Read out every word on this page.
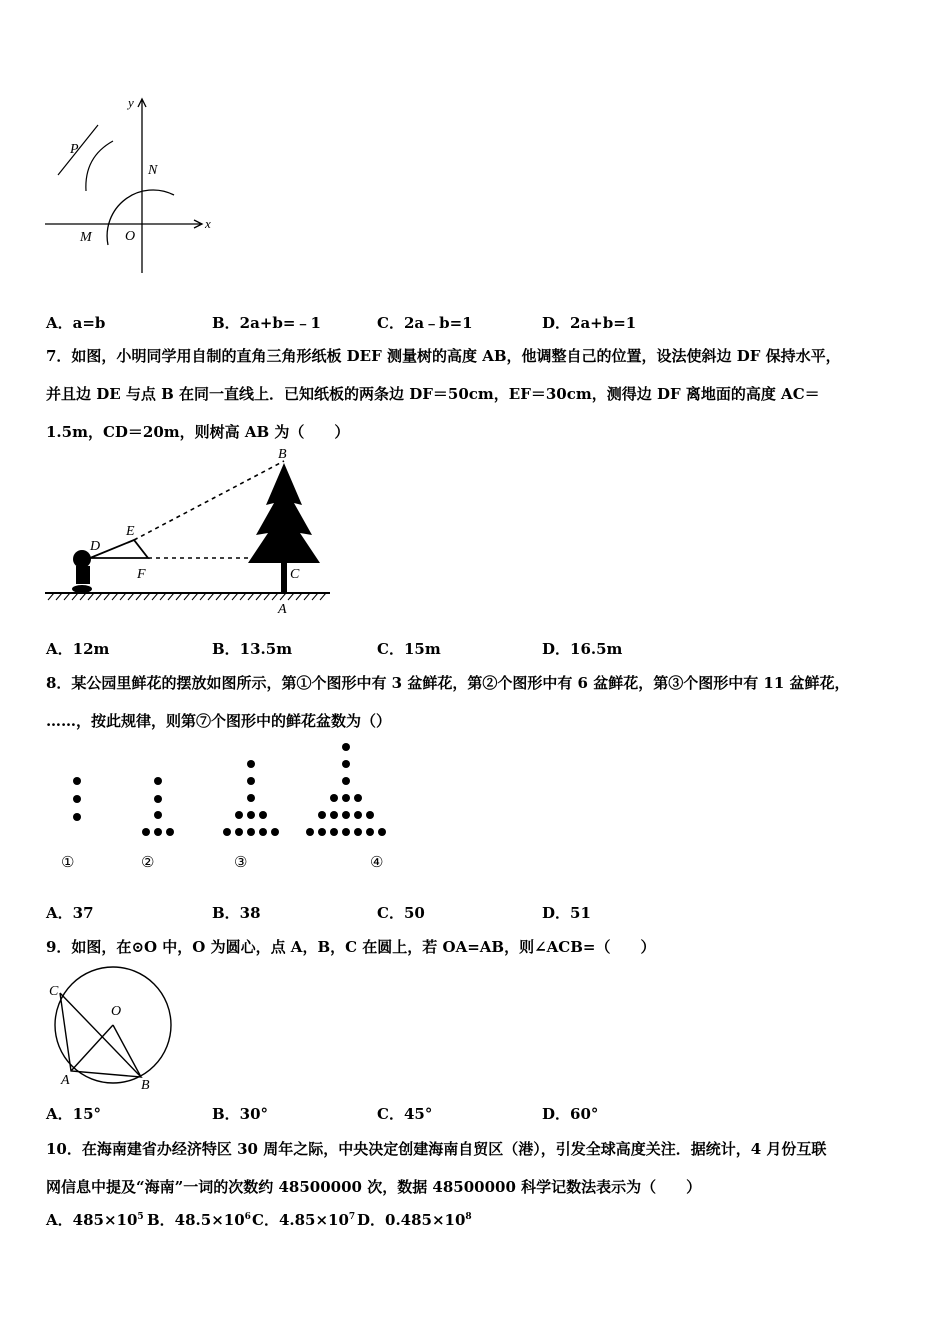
y
x
P
N
M O
A．a=b	B．2a+b=﹣1	C．2a﹣b=1	D．2a+b=1
7．如图，小明同学用自制的直角三角形纸板 DEF 测量树的高度 AB，他调整自己的位置，设法使斜边 DF 保持水平，
并且边 DE 与点 B 在同一直线上．已知纸板的两条边 DF＝50cm，EF＝30cm，测得边 DF 离地面的高度 AC＝
1.5m，CD＝20m，则树高 AB 为（　　）
B
E
D
F	C
A
A．12m	B．13.5m	C．15m	D．16.5m
8．某公园里鲜花的摆放如图所示，第①个图形中有 3 盆鲜花，第②个图形中有 6 盆鲜花，第③个图形中有 11 盆鲜花，
……，按此规律，则第⑦个图形中的鲜花盆数为（）
①	②	③	④
A．37	B．38	C．50	D．51
9．如图，在⊙O 中，O 为圆心，点 A，B，C 在圆上，若 OA=AB，则∠ACB=（　　）
C
O
A	B
A．15°	B．30°	C．45°	D．60°
10．在海南建省办经济特区 30 周年之际，中央决定创建海南自贸区（港），引发全球高度关注．据统计，4 月份互联
网信息中提及“海南”一词的次数约 48500000 次，数据 48500000 科学记数法表示为（　　）
A．$485\times 10^5$ B．$48.5\times 10^6$ C．$4.85\times 10^7$ D．$0.485\times 10^8$
